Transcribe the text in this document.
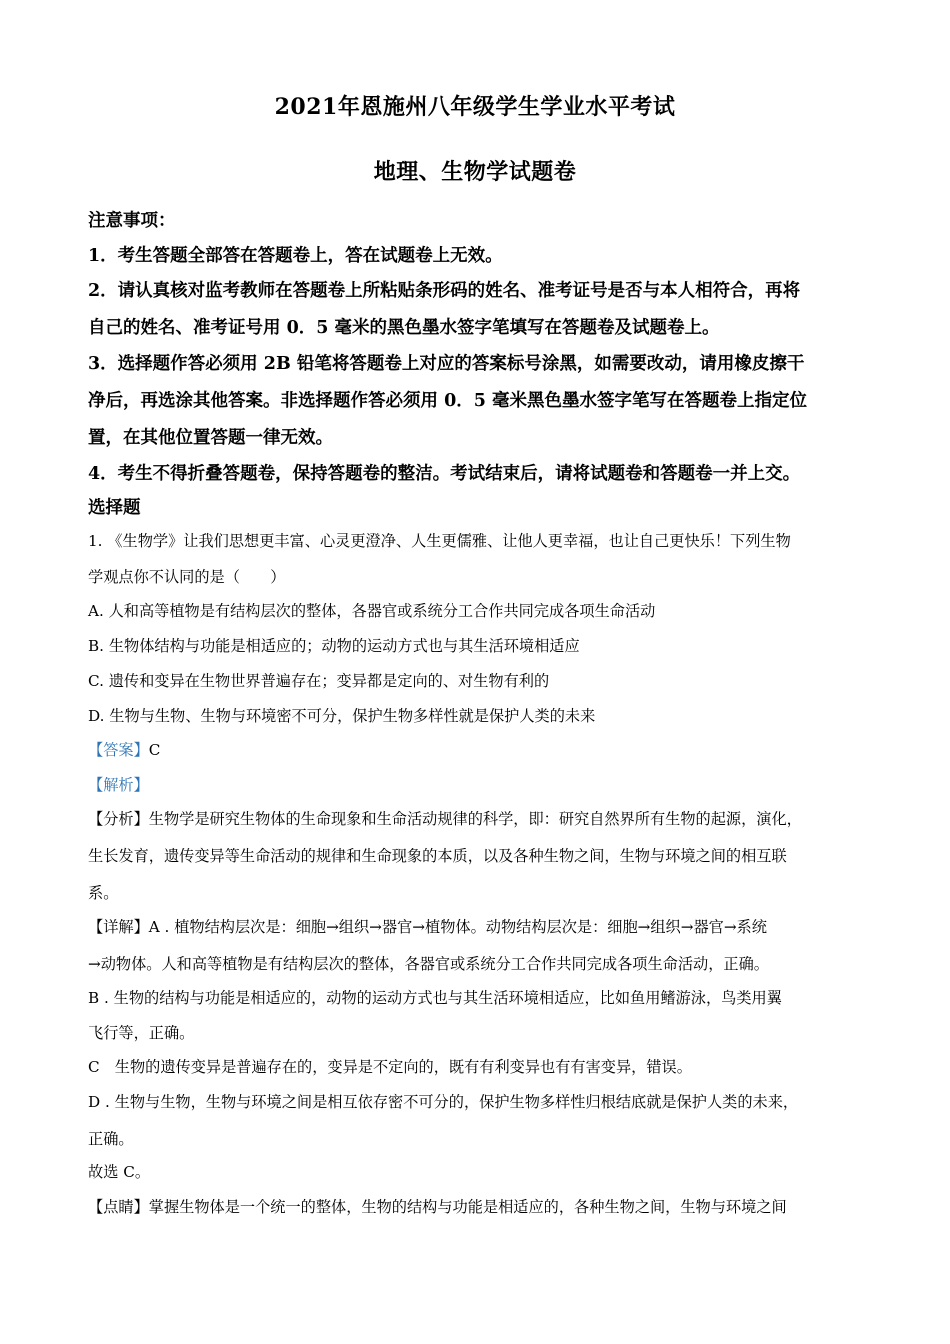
2021年恩施州八年级学生学业水平考试
地理、生物学试题卷
注意事项：
1．考生答题全部答在答题卷上，答在试题卷上无效。
2．请认真核对监考教师在答题卷上所粘贴条形码的姓名、准考证号是否与本人相符合，再将
自己的姓名、准考证号用 0．5 毫米的黑色墨水签字笔填写在答题卷及试题卷上。
3．选择题作答必须用 2B 铅笔将答题卷上对应的答案标号涂黑，如需要改动，请用橡皮擦干
净后，再选涂其他答案。非选择题作答必须用 0．5 毫米黑色墨水签字笔写在答题卷上指定位
置，在其他位置答题一律无效。
4．考生不得折叠答题卷，保持答题卷的整洁。考试结束后，请将试题卷和答题卷一并上交。
选择题
1. 《生物学》让我们思想更丰富、心灵更澄净、人生更儒雅、让他人更幸福，也让自己更快乐！下列生物
学观点你不认同的是（　　）
A. 人和高等植物是有结构层次的整体，各器官或系统分工合作共同完成各项生命活动
B. 生物体结构与功能是相适应的；动物的运动方式也与其生活环境相适应
C. 遗传和变异在生物世界普遍存在；变异都是定向的、对生物有利的
D. 生物与生物、生物与环境密不可分，保护生物多样性就是保护人类的未来
【答案】C
【解析】
【分析】生物学是研究生物体的生命现象和生命活动规律的科学，即：研究自然界所有生物的起源，演化，
生长发育，遗传变异等生命活动的规律和生命现象的本质，以及各种生物之间，生物与环境之间的相互联
系。
【详解】A . 植物结构层次是：细胞→组织→器官→植物体。动物结构层次是：细胞→组织→器官→系统
→动物体。人和高等植物是有结构层次的整体，各器官或系统分工合作共同完成各项生命活动，正确。
B . 生物的结构与功能是相适应的，动物的运动方式也与其生活环境相适应，比如鱼用鳍游泳，鸟类用翼
飞行等，正确。
C　生物的遗传变异是普遍存在的，变异是不定向的，既有有利变异也有有害变异，错误。
D . 生物与生物，生物与环境之间是相互依存密不可分的，保护生物多样性归根结底就是保护人类的未来，
正确。
故选 C。
【点睛】掌握生物体是一个统一的整体，生物的结构与功能是相适应的，各种生物之间，生物与环境之间
